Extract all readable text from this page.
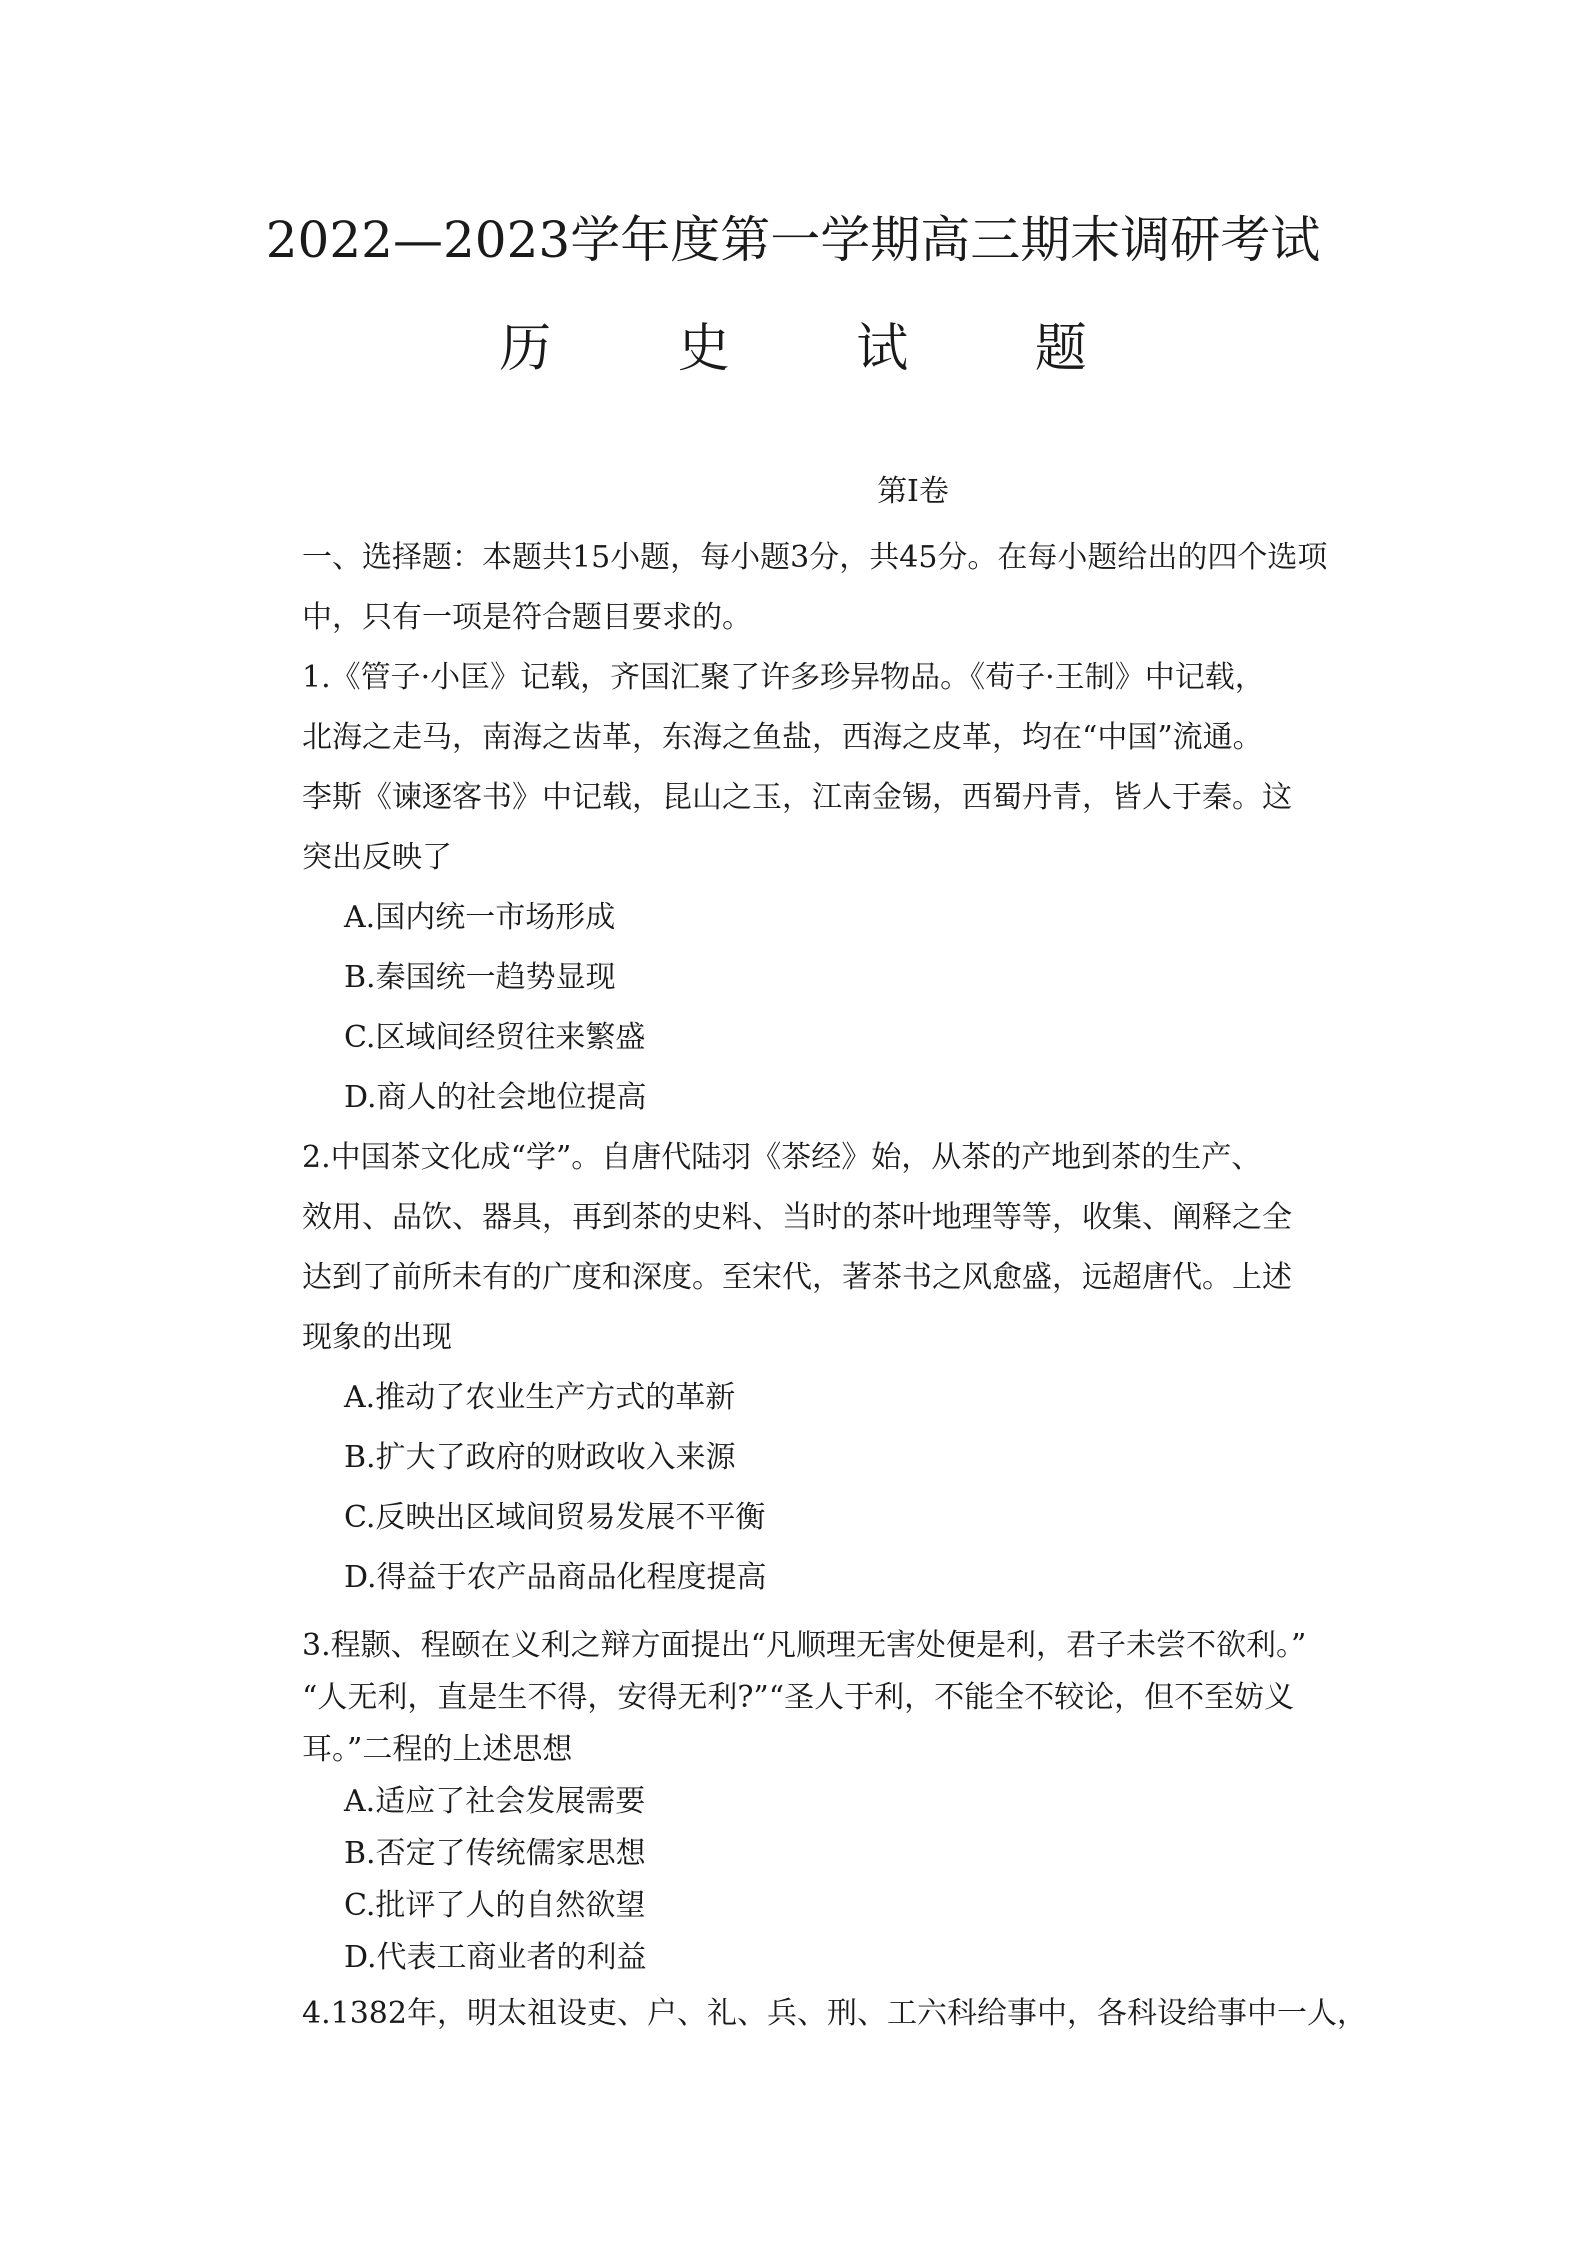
2022—2023学年度第一学期高三期末调研考试
历 史 试 题
第Ⅰ卷
一、选择题：本题共15小题，每小题3分，共45分。在每小题给出的四个选项
中，只有一项是符合题目要求的。
1.《管子·小匡》记载，齐国汇聚了许多珍异物品。《荀子·王制》中记载，
北海之走马，南海之齿革，东海之鱼盐，西海之皮革，均在“中国”流通。
李斯《谏逐客书》中记载，昆山之玉，江南金锡，西蜀丹青，皆人于秦。这
突出反映了
A.国内统一市场形成
B.秦国统一趋势显现
C.区域间经贸往来繁盛
D.商人的社会地位提高
2.中国茶文化成“学”。自唐代陆羽《茶经》始，从茶的产地到茶的生产、
效用、品饮、器具，再到茶的史料、当时的茶叶地理等等，收集、阐释之全
达到了前所未有的广度和深度。至宋代，著茶书之风愈盛，远超唐代。上述
现象的出现
A.推动了农业生产方式的革新
B.扩大了政府的财政收入来源
C.反映出区域间贸易发展不平衡
D.得益于农产品商品化程度提高
3.程颢、程颐在义利之辩方面提出“凡顺理无害处便是利，君子未尝不欲利。”
“人无利，直是生不得，安得无利?”“圣人于利，不能全不较论，但不至妨义
耳。”二程的上述思想
A.适应了社会发展需要
B.否定了传统儒家思想
C.批评了人的自然欲望
D.代表工商业者的利益
4.1382年，明太祖设吏、户、礼、兵、刑、工六科给事中，各科设给事中一人，
